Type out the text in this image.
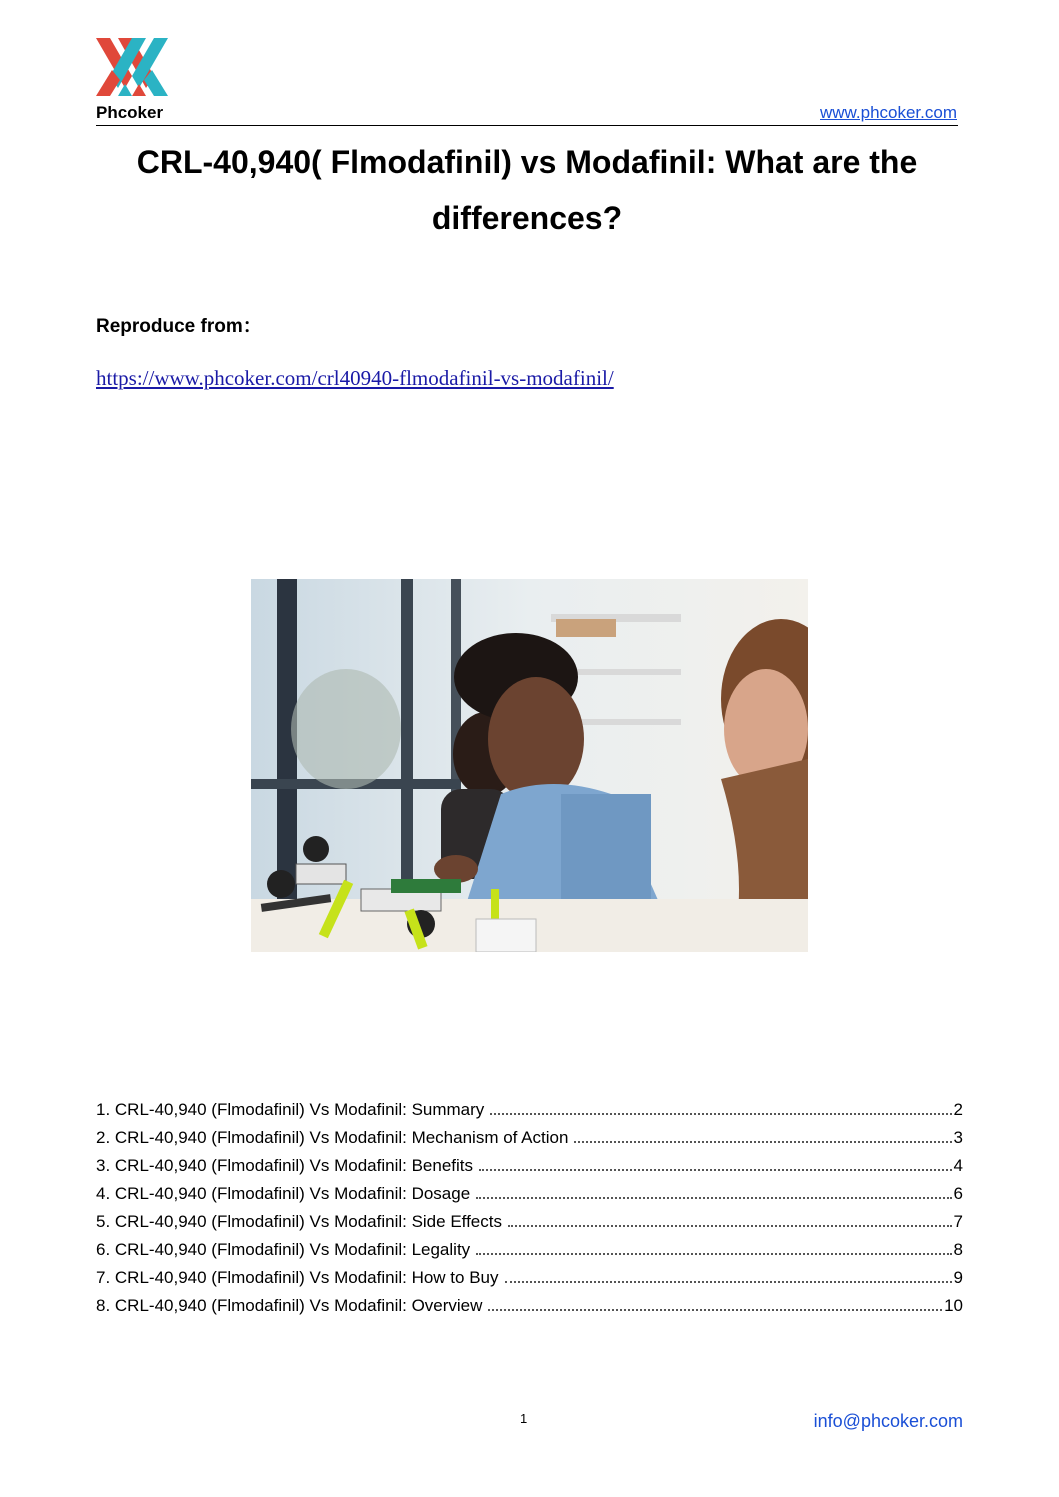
Phcoker	www.phcoker.com
CRL-40,940( Flmodafinil) vs Modafinil: What are the
differences?
Reproduce from：
https://www.phcoker.com/crl40940-flmodafinil-vs-modafinil/
1. CRL-40,940 (Flmodafinil) Vs Modafinil: Summary	2
2. CRL-40,940 (Flmodafinil) Vs Modafinil: Mechanism of Action	3
3. CRL-40,940 (Flmodafinil) Vs Modafinil: Benefits	4
4. CRL-40,940 (Flmodafinil) Vs Modafinil: Dosage	6
5. CRL-40,940 (Flmodafinil) Vs Modafinil: Side Effects	7
6. CRL-40,940 (Flmodafinil) Vs Modafinil: Legality	8
7. CRL-40,940 (Flmodafinil) Vs Modafinil: How to Buy	9
8. CRL-40,940 (Flmodafinil) Vs Modafinil: Overview	10
1	info@phcoker.com
